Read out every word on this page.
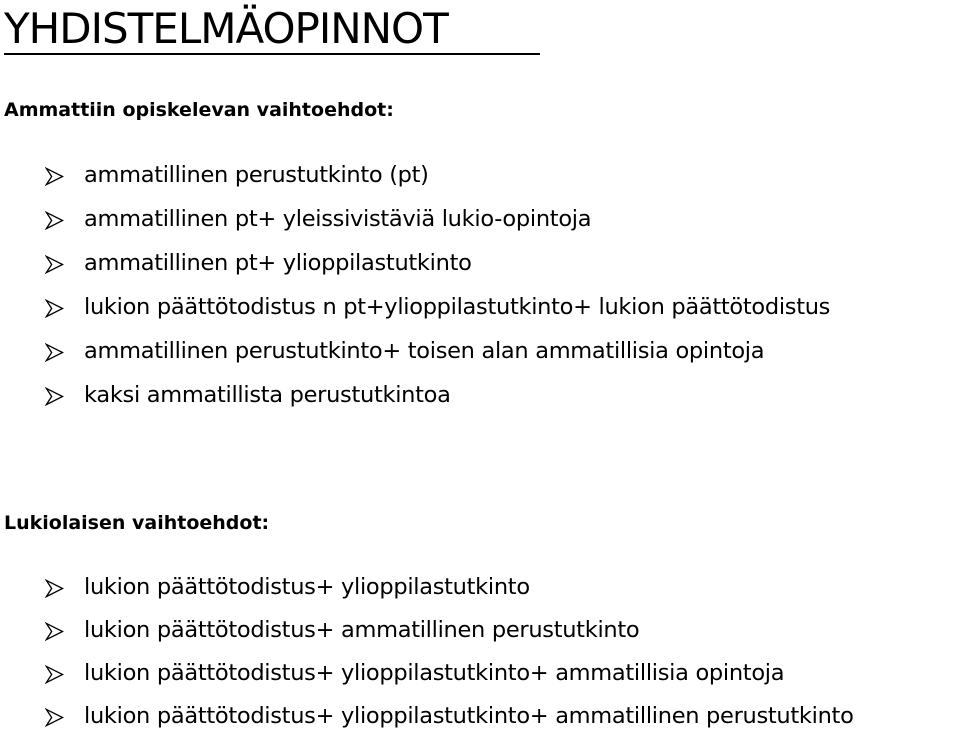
YHDISTELMÄOPINNOT
Ammattiin opiskelevan vaihtoehdot:
ammatillinen perustutkinto (pt)
ammatillinen pt+ yleissivistäviä lukio-opintoja
ammatillinen pt+ ylioppilastutkinto
lukion päättötodistus n pt+ylioppilastutkinto+ lukion päättötodistus
ammatillinen perustutkinto+ toisen alan ammatillisia opintoja
kaksi ammatillista perustutkintoa
Lukiolaisen vaihtoehdot:
lukion päättötodistus+ ylioppilastutkinto
lukion päättötodistus+ ammatillinen perustutkinto
lukion päättötodistus+ ylioppilastutkinto+ ammatillisia opintoja
lukion päättötodistus+ ylioppilastutkinto+ ammatillinen perustutkinto
